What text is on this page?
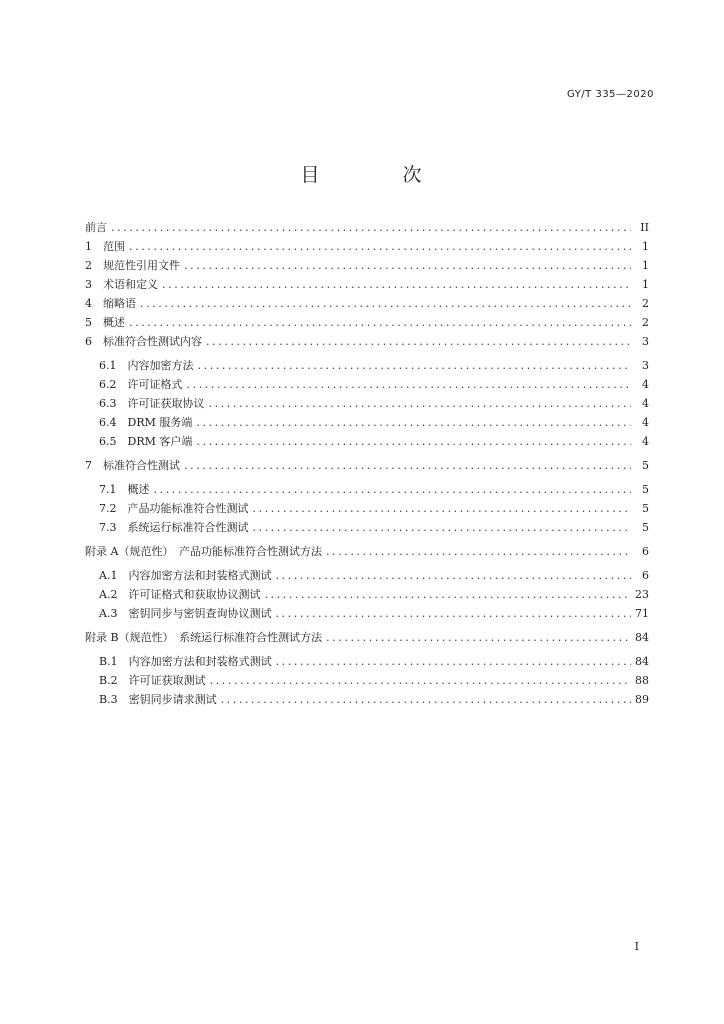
GY/T 335—2020
目　次
前言 .....	II
1　范围 .....	1
2　规范性引用文件 .....	1
3　术语和定义 .....	1
4　缩略语 .....	2
5　概述 .....	2
6　标准符合性测试内容 .....	3
6.1　内容加密方法 .....	3
6.2　许可证格式 .....	4
6.3　许可证获取协议 .....	4
6.4　DRM 服务端 .....	4
6.5　DRM 客户端 .....	4
7　标准符合性测试 .....	5
7.1　概述 .....	5
7.2　产品功能标准符合性测试 .....	5
7.3　系统运行标准符合性测试 .....	5
附录 A（规范性）　产品功能标准符合性测试方法 .....	6
A.1　内容加密方法和封装格式测试 .....	6
A.2　许可证格式和获取协议测试 .....	23
A.3　密钥同步与密钥查询协议测试 .....	71
附录 B（规范性）　系统运行标准符合性测试方法 .....	84
B.1　内容加密方法和封装格式测试 .....	84
B.2　许可证获取测试 .....	88
B.3　密钥同步请求测试 .....	89
I
